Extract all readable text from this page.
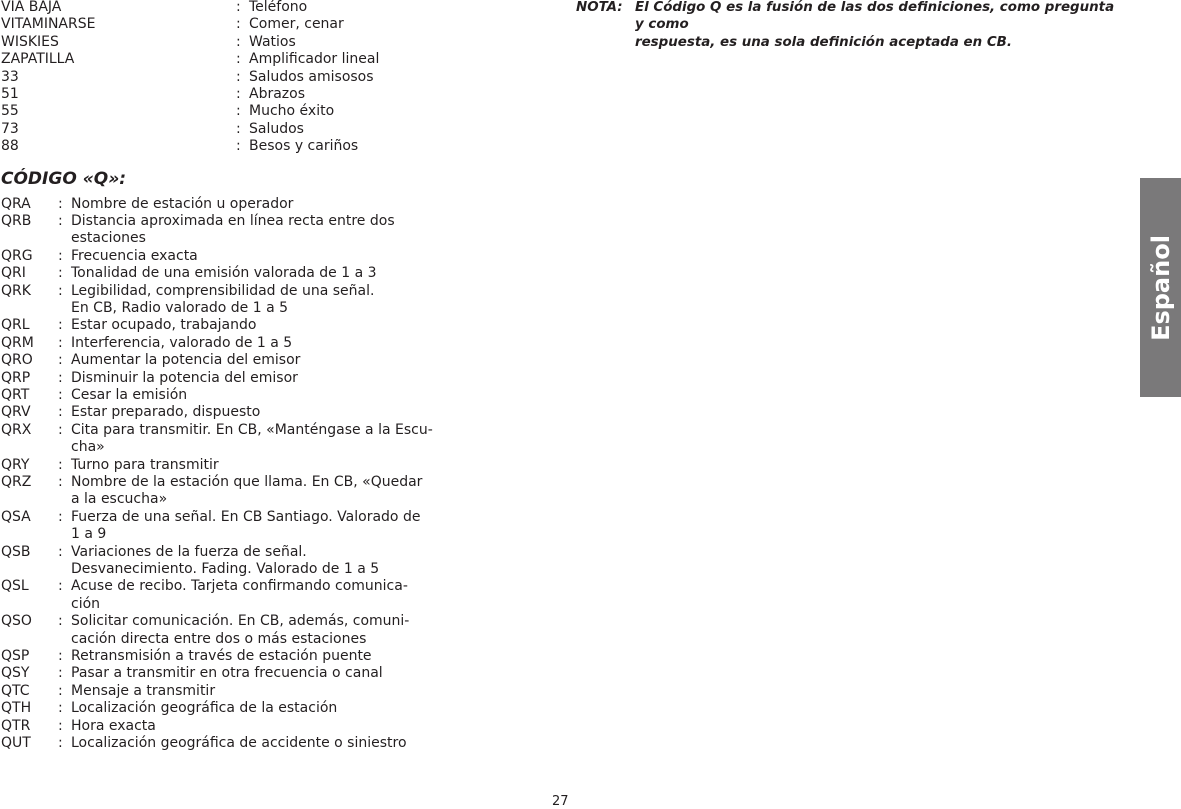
VIA BAJA	: Teléfono
VITAMINARSE	: Comer, cenar
WISKIES	: Watios
ZAPATILLA	: Amplificador lineal
33	: Saludos amisosos
51	: Abrazos
55	: Mucho éxito
73	: Saludos
88	: Besos y cariños
CÓDIGO «Q»:
QRA	: Nombre de estación u operador
QRB	: Distancia aproximada en línea recta entre dos
estaciones
QRG	: Frecuencia exacta
QRI	: Tonalidad de una emisión valorada de 1 a 3
QRK	: Legibilidad, comprensibilidad de una señal.
En CB, Radio valorado de 1 a 5
QRL	: Estar ocupado, trabajando
QRM	: Interferencia, valorado de 1 a 5
QRO	: Aumentar la potencia del emisor
QRP	: Disminuir la potencia del emisor
QRT	: Cesar la emisión
QRV	: Estar preparado, dispuesto
QRX	: Cita para transmitir. En CB, «Manténgase a la Escu-
cha»
QRY	: Turno para transmitir
QRZ	: Nombre de la estación que llama. En CB, «Quedar
a la escucha»
QSA	: Fuerza de una señal. En CB Santiago. Valorado de
1 a 9
QSB	: Variaciones de la fuerza de señal.
Desvanecimiento. Fading. Valorado de 1 a 5
QSL	: Acuse de recibo. Tarjeta confirmando comunica-
ción
QSO	: Solicitar comunicación. En CB, además, comuni-
cación directa entre dos o más estaciones
QSP	: Retransmisión a través de estación puente
QSY	: Pasar a transmitir en otra frecuencia o canal
QTC	: Mensaje a transmitir
QTH	: Localización geográfica de la estación
QTR	: Hora exacta
QUT	: Localización geográfica de accidente o siniestro
NOTA: El Código Q es la fusión de las dos definiciones, como pregunta y como
respuesta, es una sola definición aceptada en CB.
Español
27
